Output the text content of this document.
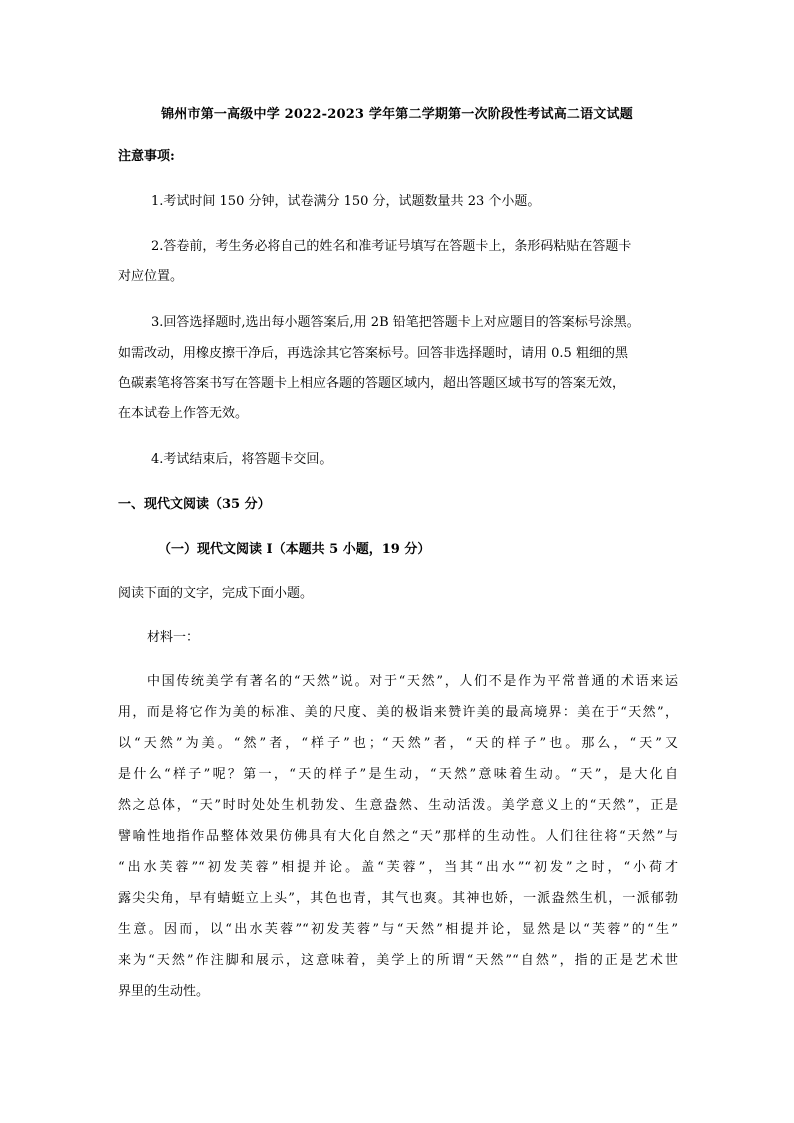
锦州市第一高级中学 2022-2023 学年第二学期第一次阶段性考试高二语文试题
注意事项:
1.考试时间 150 分钟，试卷满分 150 分，试题数量共 23 个小题。
2.答卷前，考生务必将自己的姓名和准考证号填写在答题卡上，条形码粘贴在答题卡
对应位置。
3.回答选择题时,选出每小题答案后,用 2B 铅笔把答题卡上对应题目的答案标号涂黑。
如需改动，用橡皮擦干净后，再选涂其它答案标号。回答非选择题时，请用 0.5 粗细的黑
色碳素笔将答案书写在答题卡上相应各题的答题区域内，超出答题区域书写的答案无效，
在本试卷上作答无效。
4.考试结束后，将答题卡交回。
一、现代文阅读（35 分）
（一）现代文阅读 I（本题共 5 小题，19 分）
阅读下面的文字，完成下面小题。
材料一：
中国传统美学有著名的“天然”说。对于“天然”，人们不是作为平常普通的术语来运
用，而是将它作为美的标准、美的尺度、美的极诣来赞许美的最高境界：美在于“天然”，
以“天然”为美。“然”者，“样子”也；“天然”者，“天的样子”也。那么，“天”又
是什么“样子”呢？第一，“天的样子”是生动，“天然”意味着生动。“天”，是大化自
然之总体，“天”时时处处生机勃发、生意盎然、生动活泼。美学意义上的“天然”，正是
譬喻性地指作品整体效果仿佛具有大化自然之“天”那样的生动性。人们往往将“天然”与
“出水芙蓉”“初发芙蓉”相提并论。盖“芙蓉”，当其“出水”“初发”之时，“小荷才
露尖尖角，早有蜻蜓立上头”，其色也青，其气也爽。其神也娇，一派盎然生机，一派郁勃
生意。因而，以“出水芙蓉”“初发芙蓉”与“天然”相提并论，显然是以“芙蓉”的“生”
来为“天然”作注脚和展示，这意味着，美学上的所谓“天然”“自然”，指的正是艺术世
界里的生动性。
